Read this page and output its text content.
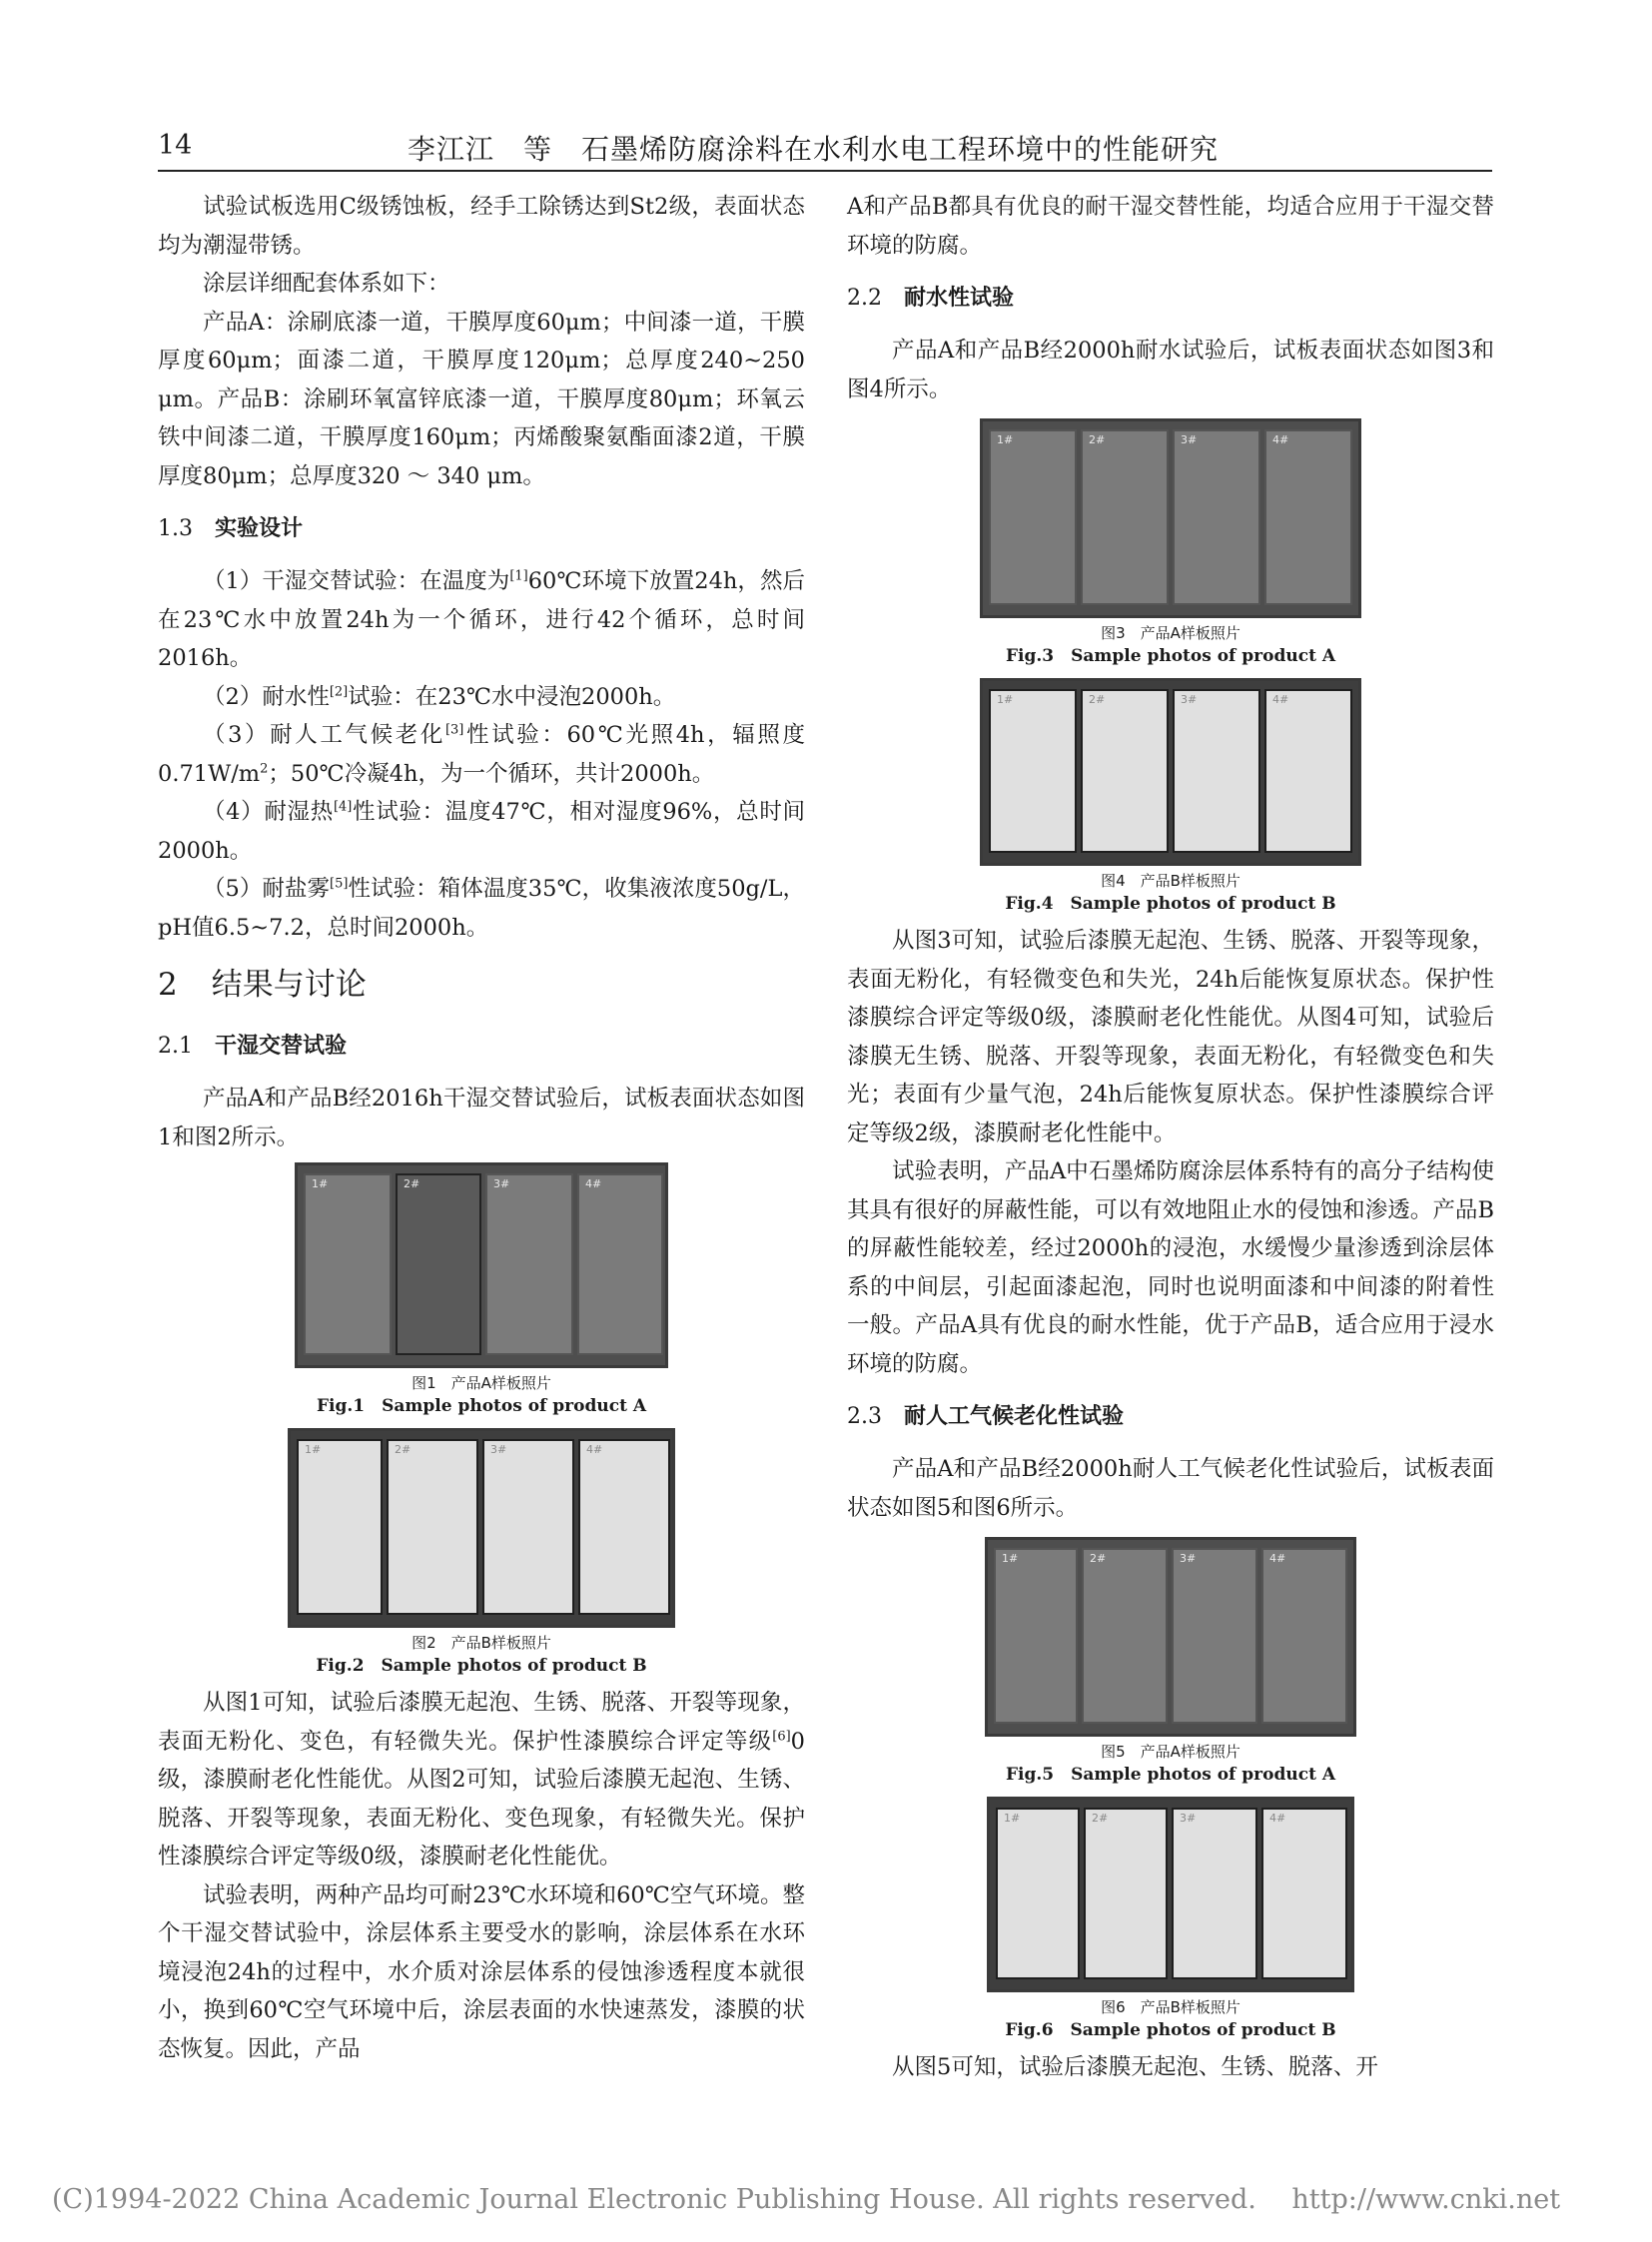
14	李江江　等　石墨烯防腐涂料在水利水电工程环境中的性能研究

试验试板选用C级锈蚀板，经手工除锈达到St2级，表面状态均为潮湿带锈。

涂层详细配套体系如下：

产品A：涂刷底漆一道，干膜厚度60μm；中间漆一道，干膜厚度60μm；面漆二道，干膜厚度120μm；总厚度240~250 μm。产品B：涂刷环氧富锌底漆一道，干膜厚度80μm；环氧云铁中间漆二道，干膜厚度160μm；丙烯酸聚氨酯面漆2道，干膜厚度80μm；总厚度320 ～ 340 μm。

1.3 实验设计

（1）干湿交替试验：在温度为[1]60℃环境下放置24h，然后在23℃水中放置24h为一个循环，进行42个循环，总时间2016h。

（2）耐水性[2]试验：在23℃水中浸泡2000h。

（3）耐人工气候老化[3]性试验：60℃光照4h，辐照度$0.71W/m^2$；50℃冷凝4h，为一个循环，共计2000h。

（4）耐湿热[4]性试验：温度47℃，相对湿度96%，总时间2000h。

（5）耐盐雾[5]性试验：箱体温度35℃，收集液浓度50g/L，pH值6.5~7.2，总时间2000h。

2 结果与讨论
2.1 干湿交替试验

产品A和产品B经2016h干湿交替试验后，试板表面状态如图1和图2所示。

1#	2#	3#	4#
图1　产品A样板照片
Fig.1　Sample photos of product A
1#	2#	3#	4#
图2　产品B样板照片
Fig.2　Sample photos of product B

从图1可知，试验后漆膜无起泡、生锈、脱落、开裂等现象，表面无粉化、变色，有轻微失光。保护性漆膜综合评定等级[6]0级，漆膜耐老化性能优。从图2可知，试验后漆膜无起泡、生锈、脱落、开裂等现象，表面无粉化、变色现象，有轻微失光。保护性漆膜综合评定等级0级，漆膜耐老化性能优。

试验表明，两种产品均可耐23℃水环境和60℃空气环境。整个干湿交替试验中，涂层体系主要受水的影响，涂层体系在水环境浸泡24h的过程中，水介质对涂层体系的侵蚀渗透程度本就很小，换到60℃空气环境中后，涂层表面的水快速蒸发，漆膜的状态恢复。因此，产品

A和产品B都具有优良的耐干湿交替性能，均适合应用于干湿交替环境的防腐。

2.2 耐水性试验

产品A和产品B经2000h耐水试验后，试板表面状态如图3和图4所示。

1#	2#	3#	4#
图3　产品A样板照片
Fig.3　Sample photos of product A
1#	2#	3#	4#
图4　产品B样板照片
Fig.4　Sample photos of product B

从图3可知，试验后漆膜无起泡、生锈、脱落、开裂等现象，表面无粉化，有轻微变色和失光，24h后能恢复原状态。保护性漆膜综合评定等级0级，漆膜耐老化性能优。从图4可知，试验后漆膜无生锈、脱落、开裂等现象，表面无粉化，有轻微变色和失光；表面有少量气泡，24h后能恢复原状态。保护性漆膜综合评定等级2级，漆膜耐老化性能中。

试验表明，产品A中石墨烯防腐涂层体系特有的高分子结构使其具有很好的屏蔽性能，可以有效地阻止水的侵蚀和渗透。产品B的屏蔽性能较差，经过2000h的浸泡，水缓慢少量渗透到涂层体系的中间层，引起面漆起泡，同时也说明面漆和中间漆的附着性一般。产品A具有优良的耐水性能，优于产品B，适合应用于浸水环境的防腐。

2.3 耐人工气候老化性试验

产品A和产品B经2000h耐人工气候老化性试验后，试板表面状态如图5和图6所示。

1#	2#	3#	4#
图5　产品A样板照片
Fig.5　Sample photos of product A
1#	2#	3#	4#
图6　产品B样板照片
Fig.6　Sample photos of product B

从图5可知，试验后漆膜无起泡、生锈、脱落、开

(C)1994-2022 China Academic Journal Electronic Publishing House. All rights reserved.　 http://www.cnki.net
